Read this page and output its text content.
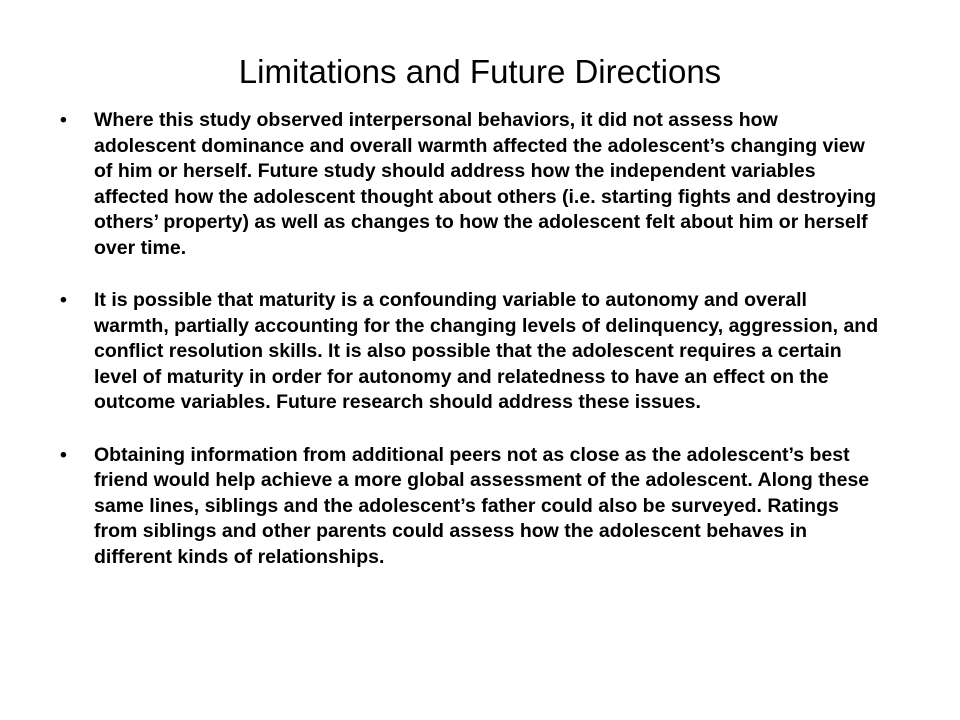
Limitations and Future Directions
•	Where this study observed interpersonal behaviors, it did not assess how adolescent dominance and overall warmth affected the adolescent’s changing view of him or herself. Future study should address how the independent variables affected how the adolescent thought about others (i.e. starting fights and destroying others’ property) as well as changes to how the adolescent felt about him or herself over time.
•	It is possible that maturity is a confounding variable to autonomy and overall warmth, partially accounting for the changing levels of delinquency, aggression, and conflict resolution skills. It is also possible that the adolescent requires a certain level of maturity in order for autonomy and relatedness to have an effect on the outcome variables. Future research should address these issues.
•	Obtaining information from additional peers not as close as the adolescent’s best friend would help achieve a more global assessment of the adolescent. Along these same lines, siblings and the adolescent’s father could also be surveyed. Ratings from siblings and other parents could assess how the adolescent behaves in different kinds of relationships.
